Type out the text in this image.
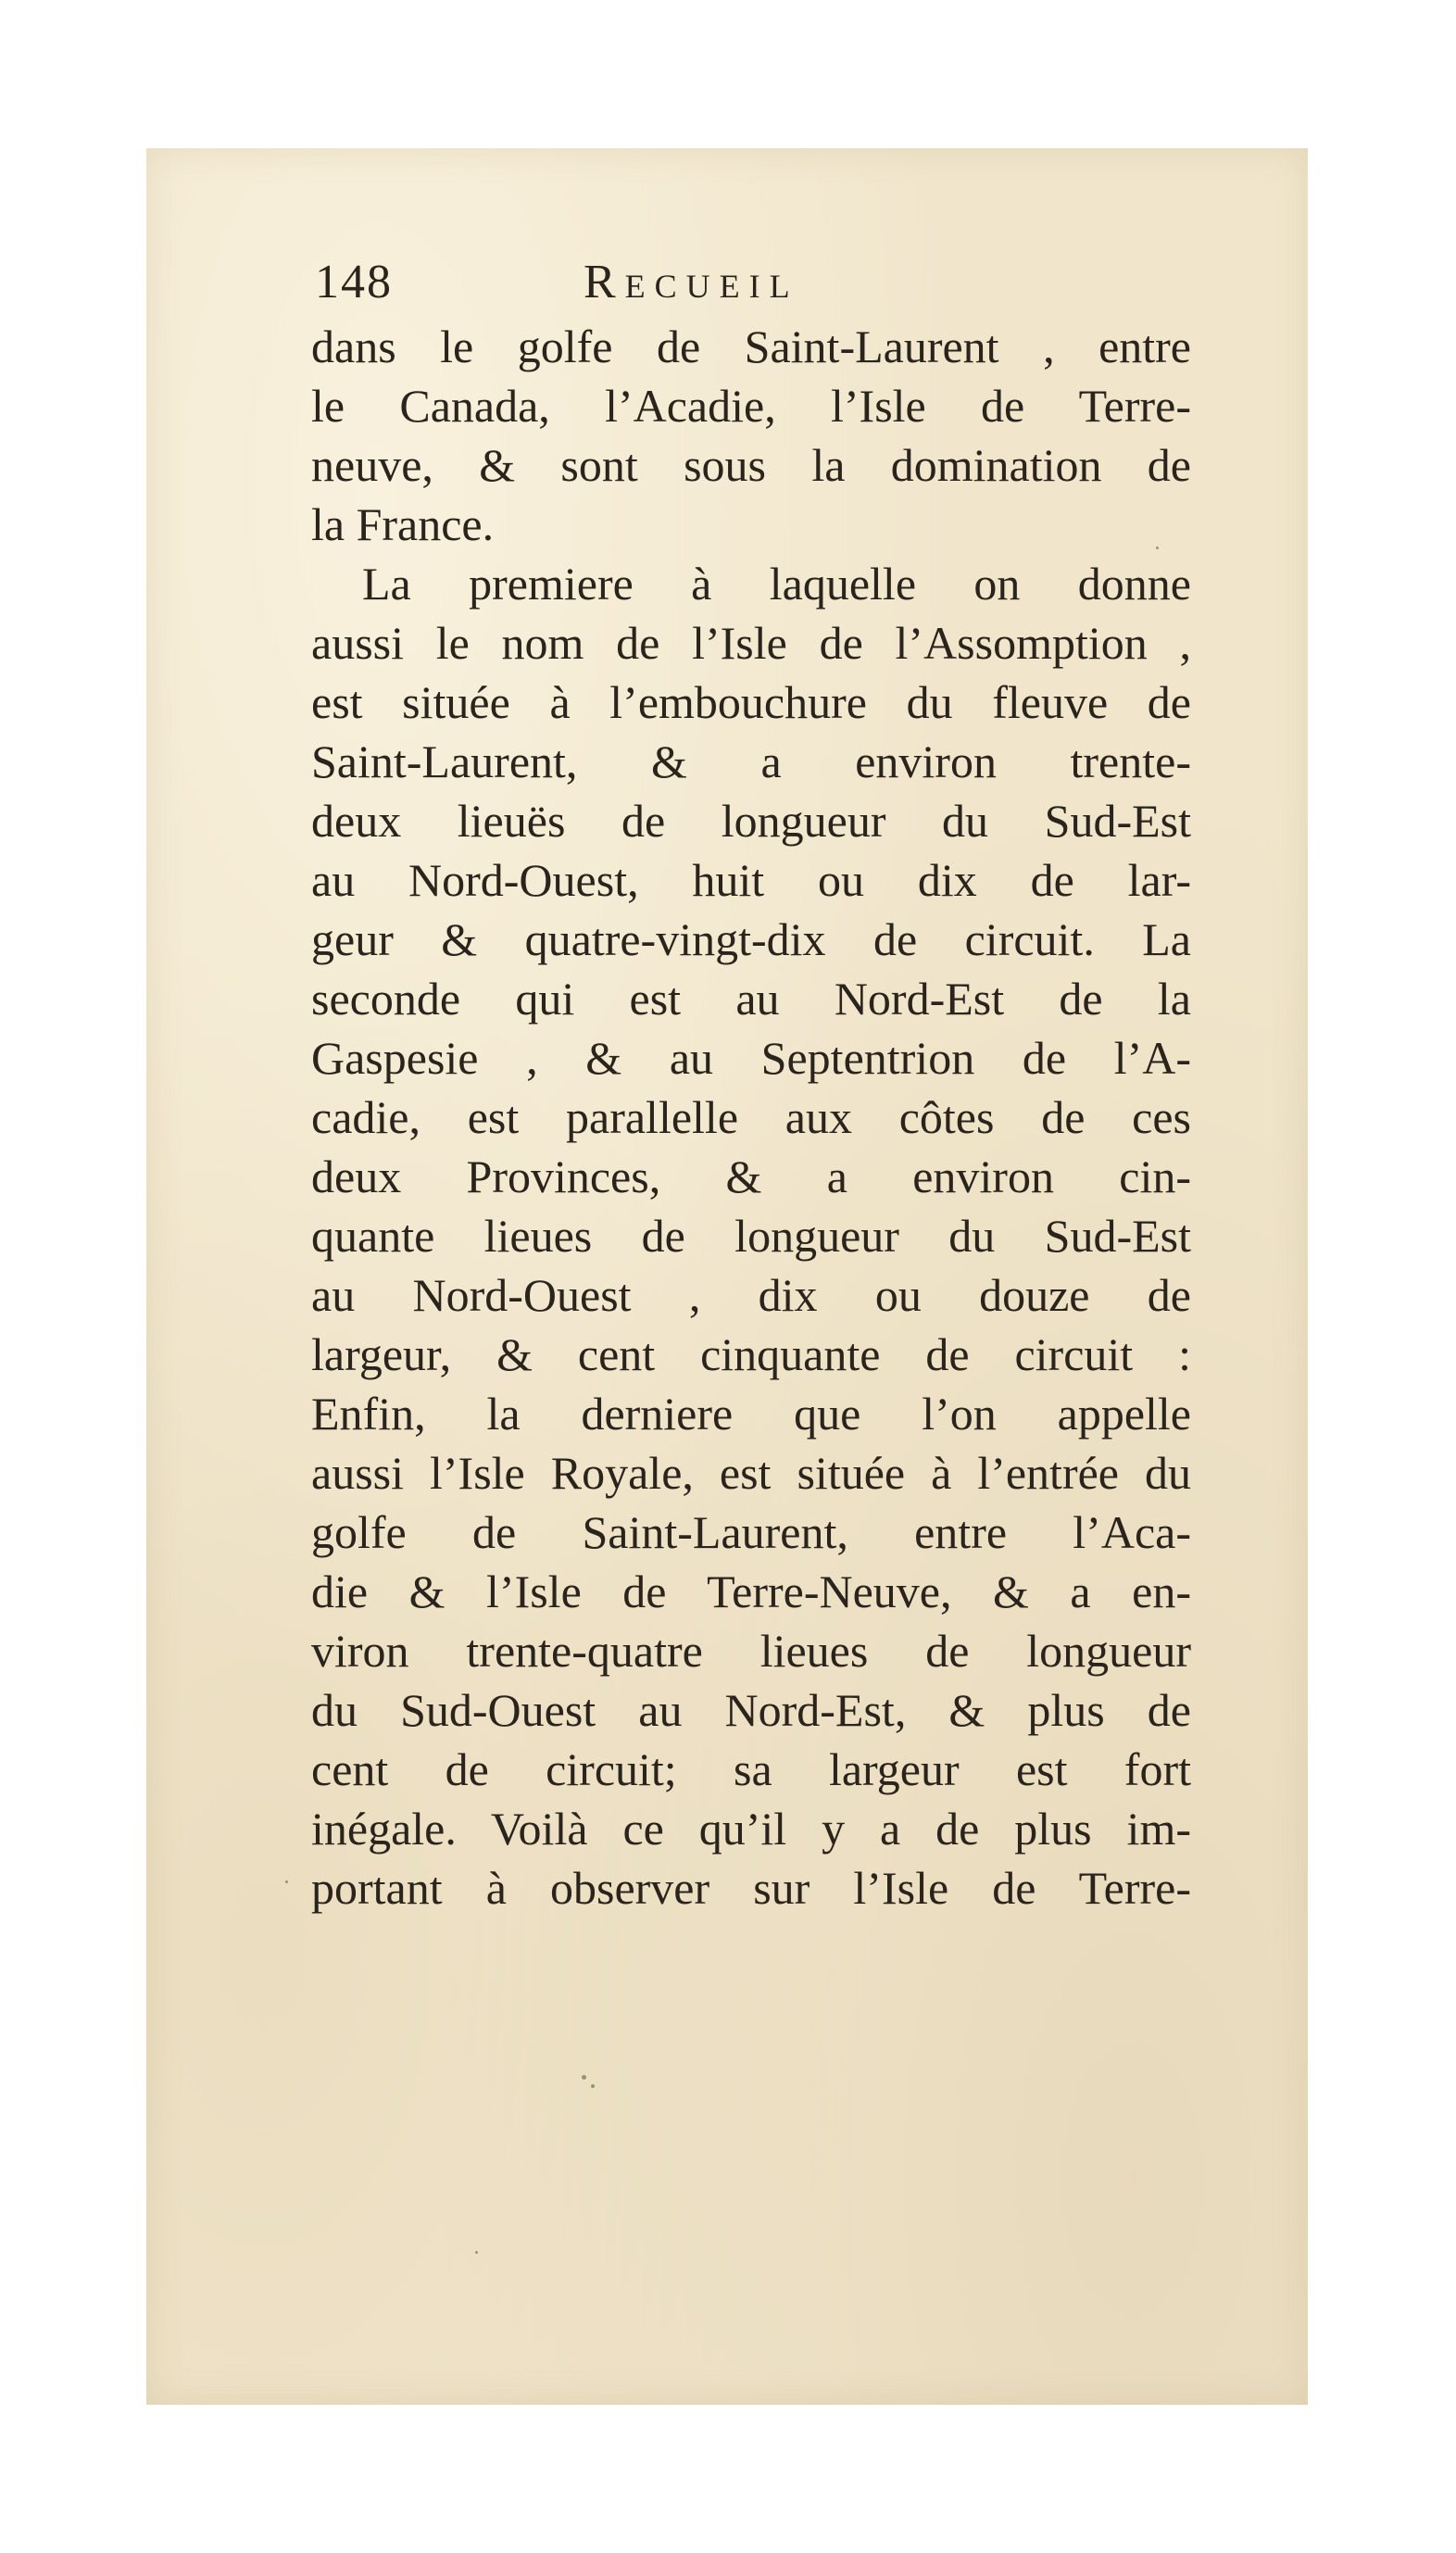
148	Recueil
dans le golfe de Saint-Laurent , entre
le Canada, l’Acadie, l’Isle de Terre-
neuve, & sont sous la domination de
la France.
La premiere à laquelle on donne
aussi le nom de l’Isle de l’Assomption ,
est située à l’embouchure du fleuve de
Saint-Laurent, & a environ trente-
deux lieuës de longueur du Sud-Est
au Nord-Ouest, huit ou dix de lar-
geur & quatre-vingt-dix de circuit. La
seconde qui est au Nord-Est de la
Gaspesie , & au Septentrion de l’A-
cadie, est parallelle aux côtes de ces
deux Provinces, & a environ cin-
quante lieues de longueur du Sud-Est
au Nord-Ouest , dix ou douze de
largeur, & cent cinquante de circuit :
Enfin, la derniere que l’on appelle
aussi l’Isle Royale, est située à l’entrée du
golfe de Saint-Laurent, entre l’Aca-
die & l’Isle de Terre-Neuve, & a en-
viron trente-quatre lieues de longueur
du Sud-Ouest au Nord-Est, & plus de
cent de circuit; sa largeur est fort
inégale. Voilà ce qu’il y a de plus im-
portant à observer sur l’Isle de Terre-
